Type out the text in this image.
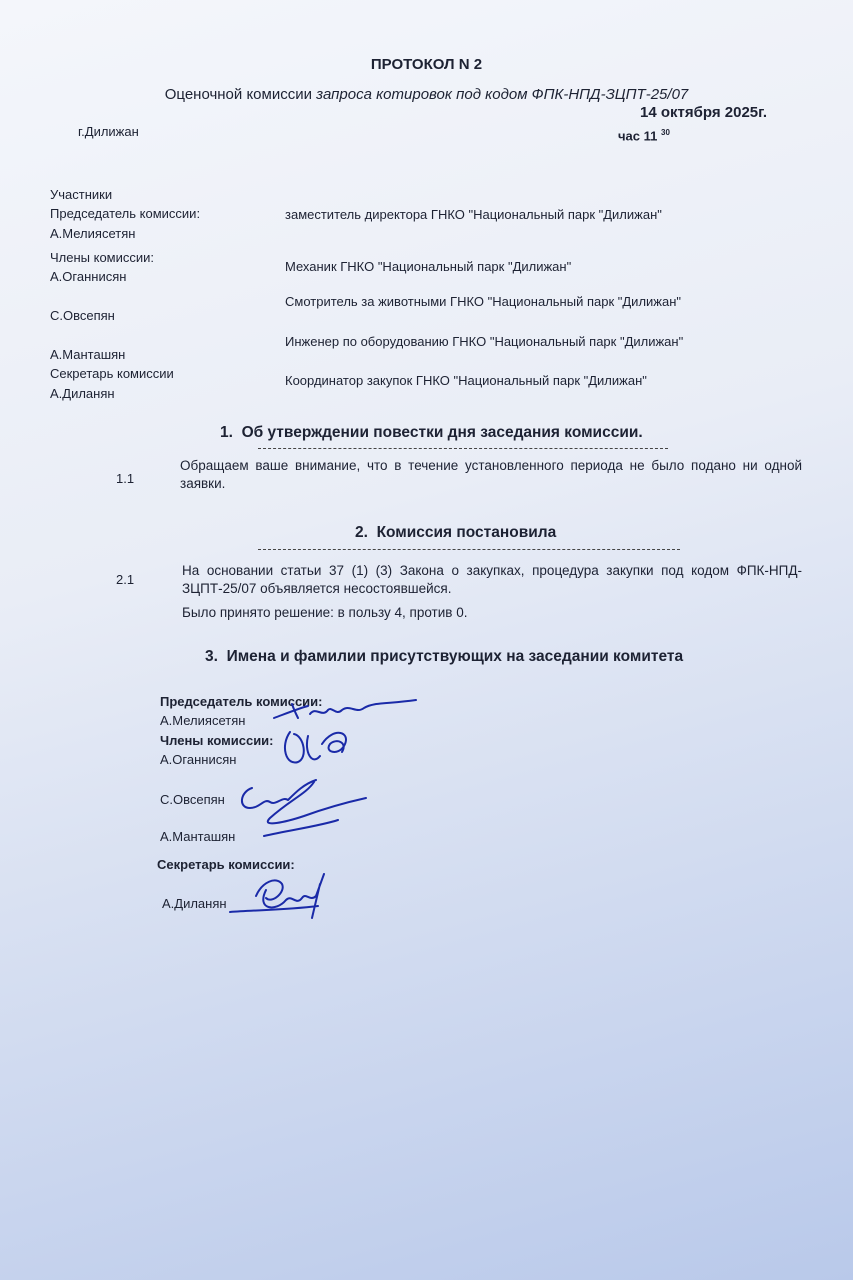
ПРОТОКОЛ N 2
Оценочной комиссии запроса котировок под кодом ФПК-НПД-ЗЦПТ-25/07
14 октября 2025г.
г.Дилижан	час 11 $^{30}$
Участники
Председатель комиссии:
А.Мелиясетян
заместитель директора ГНКО "Национальный парк "Дилижан"
Члены комиссии:
А.Оганнисян
Механик ГНКО "Национальный парк "Дилижан"
С.Овсепян
Смотритель за животными ГНКО "Национальный парк "Дилижан"
А.Манташян
Инженер по оборудованию ГНКО "Национальный парк "Дилижан"
Секретарь комиссии
А.Диланян
Координатор закупок ГНКО "Национальный парк "Дилижан"
1. Об утверждении повестки дня заседания комиссии.
1.1
Обращаем ваше внимание, что в течение установленного периода не было подано ни одной заявки.
2. Комиссия постановила
2.1
На основании статьи 37 (1) (3) Закона о закупках, процедура закупки под кодом ФПК-НПД-ЗЦПТ-25/07 объявляется несостоявшейся.
Было принято решение: в пользу 4, против 0.
3. Имена и фамилии присутствующих на заседании комитета
Председатель комиссии:
А.Мелиясетян
Члены комиссии:
А.Оганнисян
С.Овсепян
А.Манташян
Секретарь комиссии:
А.Диланян
